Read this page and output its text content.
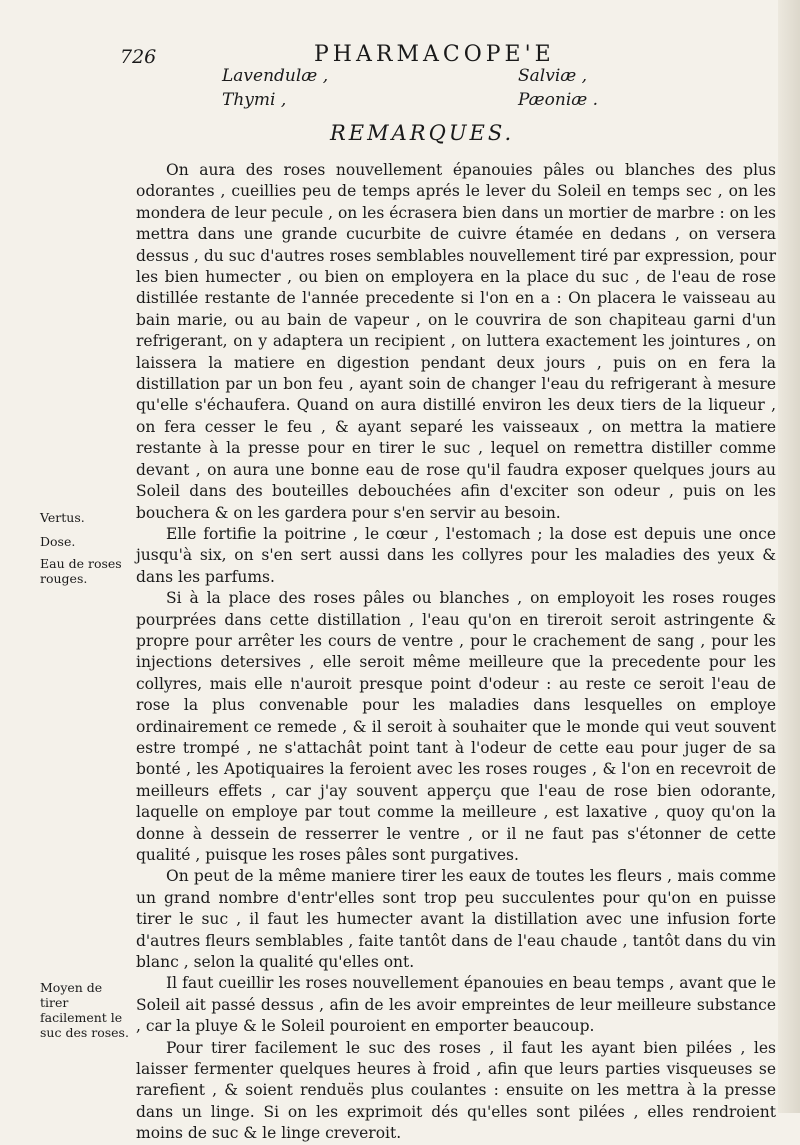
726	PHARMACOPE'E
Lavendulæ ,
Thymi ,
Salviæ ,
Pæoniæ .
REMARQUES.

On aura des roses nouvellement épanouies pâles ou blanches des plus odorantes , cueillies peu de temps aprés le lever du Soleil en temps sec , on les mondera de leur pecule , on les écrasera bien dans un mortier de marbre : on les mettra dans une grande cucurbite de cuivre étamée en dedans , on versera dessus , du suc d'autres roses semblables nouvellement tiré par expression, pour les bien humecter , ou bien on employera en la place du suc , de l'eau de rose distillée restante de l'année precedente si l'on en a : On placera le vaisseau au bain marie, ou au bain de vapeur , on le couvrira de son chapiteau garni d'un refrigerant, on y adaptera un recipient , on luttera exactement les jointures , on laissera la matiere en digestion pendant deux jours , puis on en fera la distillation par un bon feu , ayant soin de changer l'eau du refrigerant à mesure qu'elle s'échaufera. Quand on aura distillé environ les deux tiers de la liqueur , on fera cesser le feu , & ayant separé les vaisseaux , on mettra la matiere restante à la presse pour en tirer le suc , lequel on remettra distiller comme devant , on aura une bonne eau de rose qu'il faudra exposer quelques jours au Soleil dans des bouteilles debouchées afin d'exciter son odeur , puis on les bouchera & on les gardera pour s'en servir au besoin.

Elle fortifie la poitrine , le cœur , l'estomach ; la dose est depuis une once jusqu'à six, on s'en sert aussi dans les collyres pour les maladies des yeux & dans les parfums.

Si à la place des roses pâles ou blanches , on employoit les roses rouges pourprées dans cette distillation , l'eau qu'on en tireroit seroit astringente & propre pour arrêter les cours de ventre , pour le crachement de sang , pour les injections detersives , elle seroit même meilleure que la precedente pour les collyres, mais elle n'auroit presque point d'odeur : au reste ce seroit l'eau de rose la plus convenable pour les maladies dans lesquelles on employe ordinairement ce remede , & il seroit à souhaiter que le monde qui veut souvent estre trompé , ne s'attachât point tant à l'odeur de cette eau pour juger de sa bonté , les Apotiquaires la feroient avec les roses rouges , & l'on en recevroit de meilleurs effets , car j'ay souvent apperçu que l'eau de rose bien odorante, laquelle on employe par tout comme la meilleure , est laxative , quoy qu'on la donne à dessein de resserrer le ventre , or il ne faut pas s'étonner de cette qualité , puisque les roses pâles sont purgatives.

On peut de la même maniere tirer les eaux de toutes les fleurs , mais comme un grand nombre d'entr'elles sont trop peu succulentes pour qu'on en puisse tirer le suc , il faut les humecter avant la distillation avec une infusion forte d'autres fleurs semblables , faite tantôt dans de l'eau chaude , tantôt dans du vin blanc , selon la qualité qu'elles ont.

Il faut cueillir les roses nouvellement épanouies en beau temps , avant que le Soleil ait passé dessus , afin de les avoir empreintes de leur meilleure substance , car la pluye & le Soleil pouroient en emporter beaucoup.

Pour tirer facilement le suc des roses , il faut les ayant bien pilées , les laisser fermenter quelques heures à froid , afin que leurs parties visqueuses se rarefient , & soient renduës plus coulantes : ensuite on les mettra à la presse dans un linge. Si on les exprimoit dés qu'elles sont pilées , elles rendroient moins de suc & le linge creveroit.

Vertus.
Dose.
Eau de roses rouges.
Moyen de tirer facilement le suc des roses.
